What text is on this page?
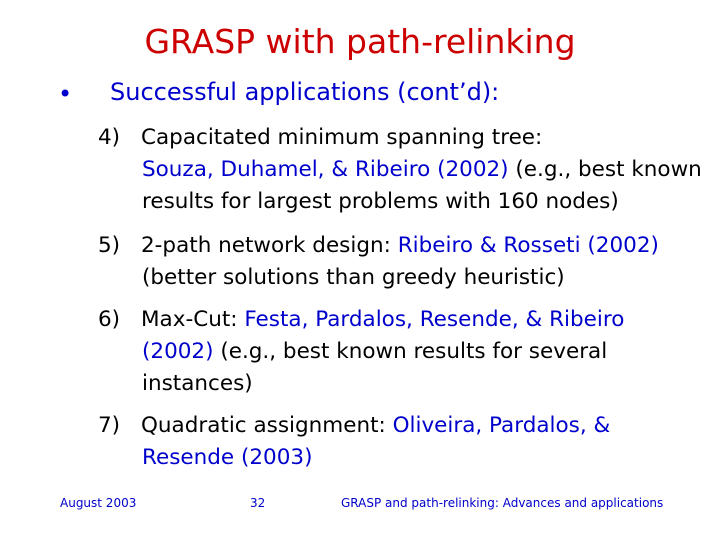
GRASP with path-relinking
• Successful applications (cont’d):
4) Capacitated minimum spanning tree:
Souza, Duhamel, & Ribeiro (2002) (e.g., best known
results for largest problems with 160 nodes)
5) 2-path network design: Ribeiro & Rosseti (2002)
(better solutions than greedy heuristic)
6) Max-Cut: Festa, Pardalos, Resende, & Ribeiro
(2002) (e.g., best known results for several
instances)
7) Quadratic assignment: Oliveira, Pardalos, &
Resende (2003)
August 2003	32	GRASP and path-relinking: Advances and applications
